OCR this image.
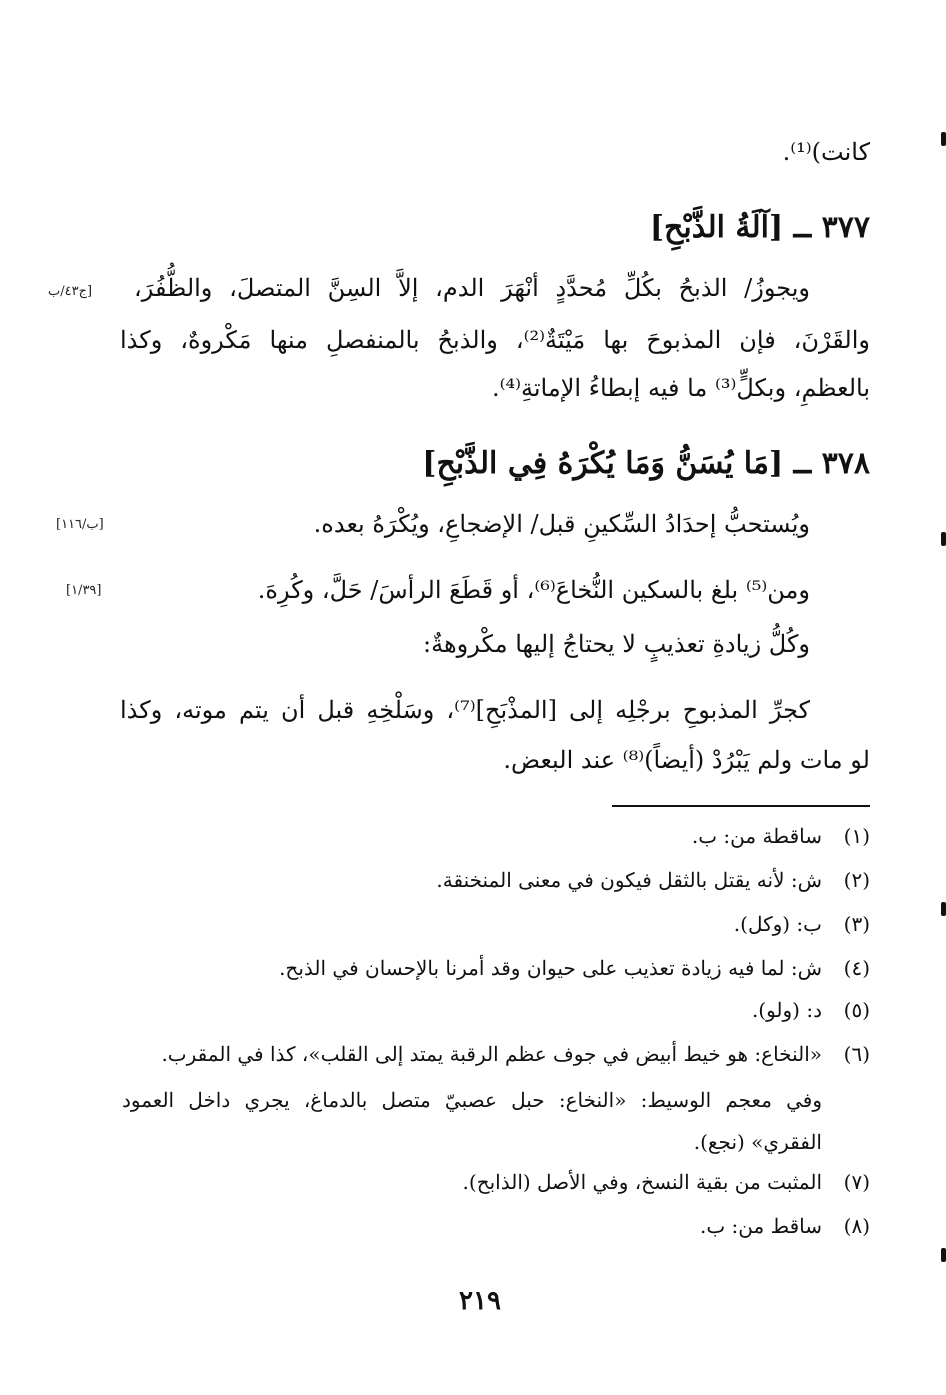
كانت)⁽¹⁾.
٣٧٧ ــ [آلَةُ الذَّبْحِ]
ويجوزُ/ الذبحُ بكُلِّ مُحدَّدٍ أنْهَرَ الدم، إلاَّ السِنَّ المتصلَ، والظُّفُرَ،
[ج٤٣/ب
والقَرْنَ، فإن المذبوحَ بها مَيْتَةٌ⁽²⁾، والذبحُ بالمنفصلِ منها مَكْروهٌ، وكذا
بالعظمِ، وبكلٍّ⁽³⁾ ما فيه إبطاءُ الإماتةِ⁽⁴⁾.
٣٧٨ ــ [مَا يُسَنُّ وَمَا يُكْرَهُ فِي الذَّبْحِ]
ويُستحبُّ إحدَادُ السِّكينِ قبل/ الإضجاعِ، ويُكْرَهُ بعده.
[ب/١١٦]
ومن⁽⁵⁾ بلغ بالسكين النُّخاعَ⁽⁶⁾، أو قَطَعَ الرأسَ/ حَلَّ، وكُرِهَ.
[١/٣٩]
وكُلُّ زيادةِ تعذيبٍ لا يحتاجُ إليها مكْروهةٌ:
كجرِّ المذبوحِ برجْلِه إلى [المذْبَحِ]⁽⁷⁾، وسَلْخِهِ قبل أن يتم موته، وكذا
لو مات ولم يَبْرُدْ (أيضاً)⁽⁸⁾ عند البعض.
(١)
ساقطة من: ب.
(٢)
ش: لأنه يقتل بالثقل فيكون في معنى المنخنقة.
(٣)
ب: (وكل).
(٤)
ش: لما فيه زيادة تعذيب على حيوان وقد أمرنا بالإحسان في الذبح.
(٥)
د: (ولو).
(٦)
«النخاع: هو خيط أبيض في جوف عظم الرقبة يمتد إلى القلب»، كذا في المقرب.
وفي معجم الوسيط: «النخاع: حبل عصبيّ متصل بالدماغ، يجري داخل العمود
الفقري» (نجع).
(٧)
المثبت من بقية النسخ، وفي الأصل (الذابح).
(٨)
ساقط من: ب.
٢١٩
